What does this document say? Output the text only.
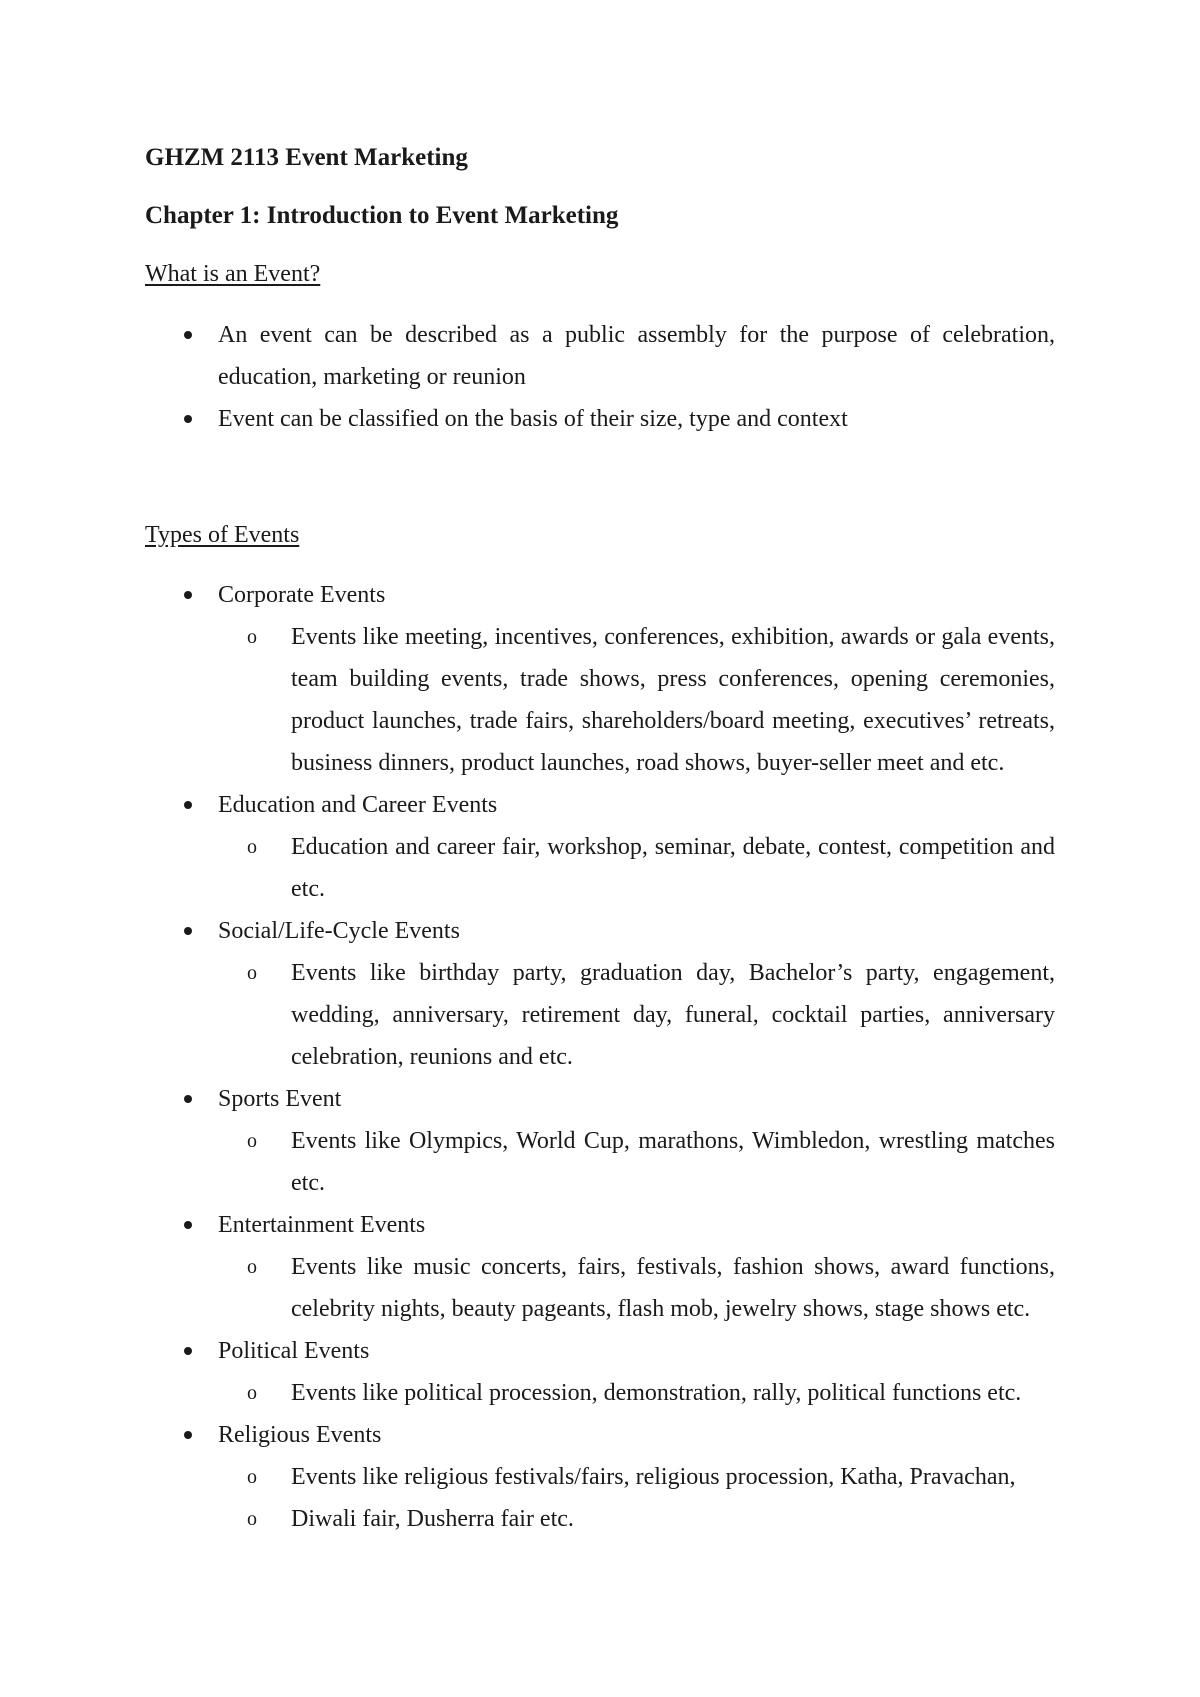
GHZM 2113 Event Marketing

Chapter 1: Introduction to Event Marketing

What is an Event?

An event can be described as a public assembly for the purpose of celebration, education, marketing or reunion
Event can be classified on the basis of their size, type and context

Types of Events

Corporate Events
o Events like meeting, incentives, conferences, exhibition, awards or gala events, team building events, trade shows, press conferences, opening ceremonies, product launches, trade fairs, shareholders/board meeting, executives’ retreats, business dinners, product launches, road shows, buyer-seller meet and etc.
Education and Career Events
o Education and career fair, workshop, seminar, debate, contest, competition and etc.
Social/Life-Cycle Events
o Events like birthday party, graduation day, Bachelor’s party, engagement, wedding, anniversary, retirement day, funeral, cocktail parties, anniversary celebration, reunions and etc.
Sports Event
o Events like Olympics, World Cup, marathons, Wimbledon, wrestling matches etc.
Entertainment Events
o Events like music concerts, fairs, festivals, fashion shows, award functions, celebrity nights, beauty pageants, flash mob, jewelry shows, stage shows etc.
Political Events
o Events like political procession, demonstration, rally, political functions etc.
Religious Events
o Events like religious festivals/fairs, religious procession, Katha, Pravachan,
o Diwali fair, Dusherra fair etc.
